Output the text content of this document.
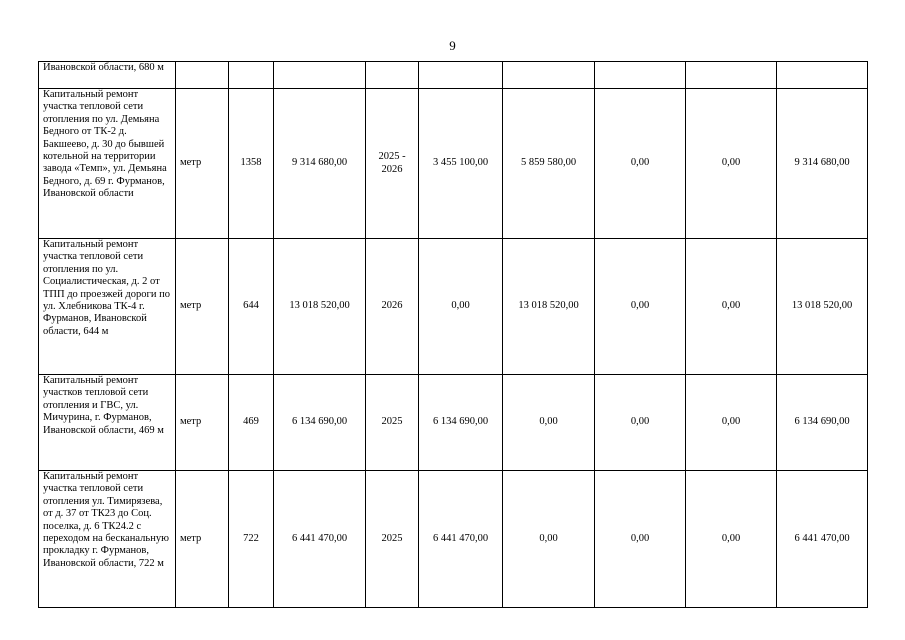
9
Ивановской области, 680 м									
Капитальный ремонт участка тепловой сети отопления по ул. Демьяна Бедного от ТК-2 д. Бакшеево, д. 30 до бывшей котельной на территории завода «Темп», ул. Демьяна Бедного, д. 69 г. Фурманов, Ивановской области	метр	1358	9 314 680,00	2025 - 2026	3 455 100,00	5 859 580,00	0,00	0,00	9 314 680,00
Капитальный ремонт участка тепловой сети отопления по ул. Социалистическая, д. 2 от ТПП до проезжей дороги по ул. Хлебникова ТК-4 г. Фурманов, Ивановской области, 644 м	метр	644	13 018 520,00	2026	0,00	13 018 520,00	0,00	0,00	13 018 520,00
Капитальный ремонт участков тепловой сети отопления и ГВС, ул. Мичурина, г. Фурманов, Ивановской области, 469 м	метр	469	6 134 690,00	2025	6 134 690,00	0,00	0,00	0,00	6 134 690,00
Капитальный ремонт участка тепловой сети отопления ул. Тимирязева, от д. 37 от ТК23 до Соц. поселка, д. 6 ТК24.2 с переходом на бесканальную прокладку г. Фурманов, Ивановской области, 722 м	метр	722	6 441 470,00	2025	6 441 470,00	0,00	0,00	0,00	6 441 470,00
